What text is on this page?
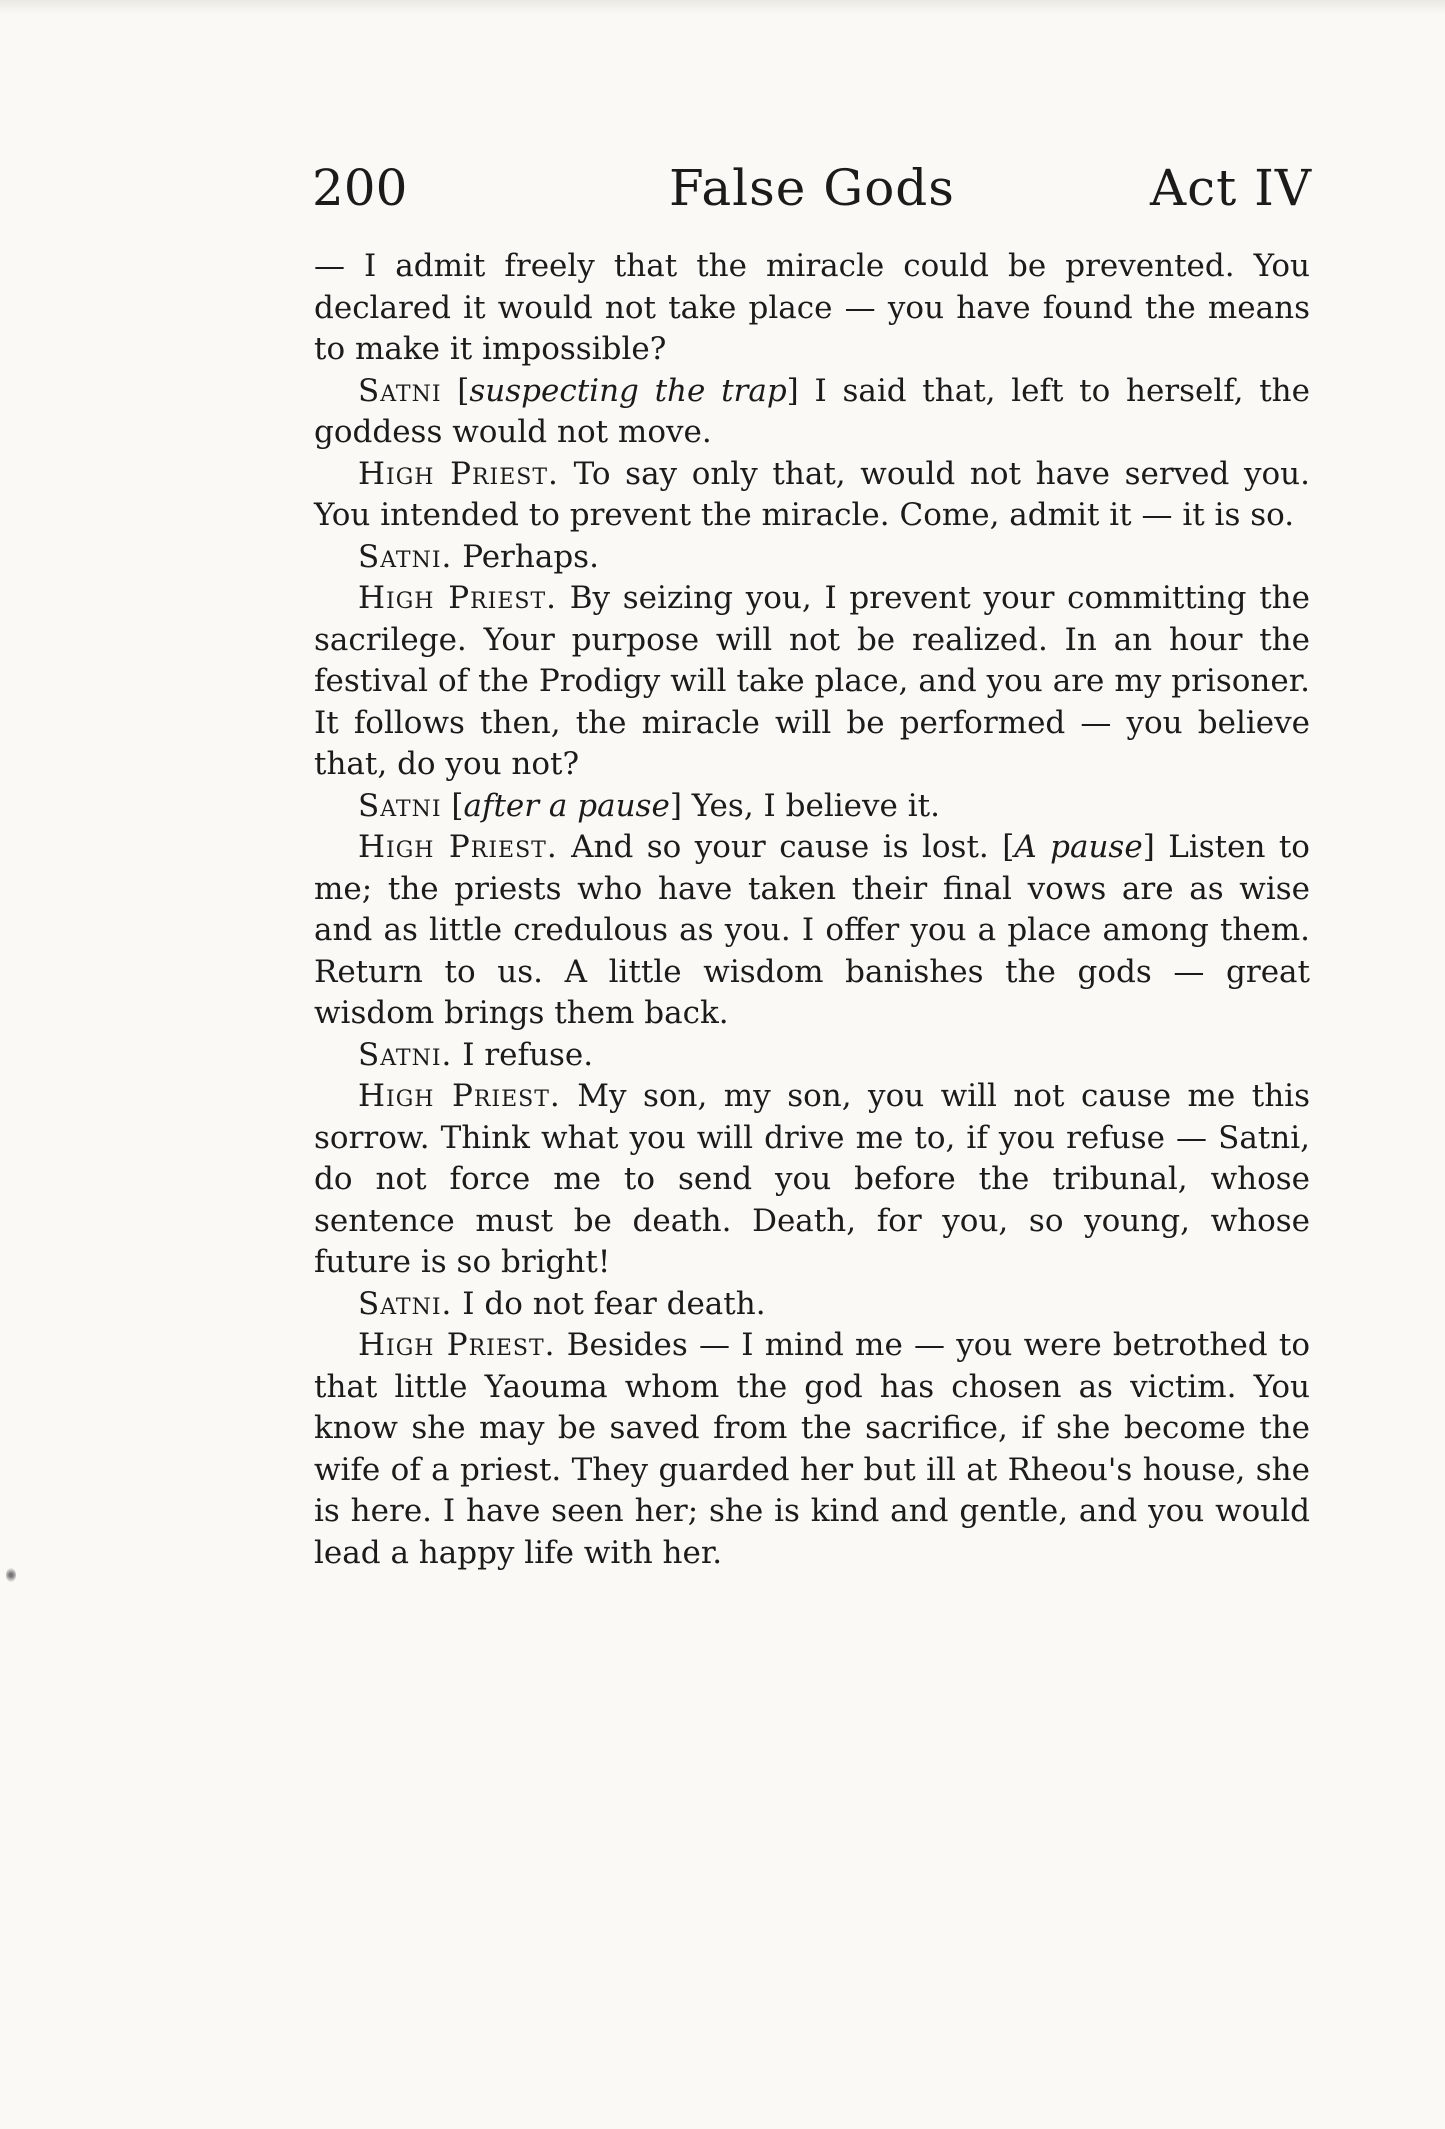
200	False Gods	Act IV

— I admit freely that the miracle could be prevented. You declared it would not take place — you have found the means to make it impossible?

Satni [suspecting the trap] I said that, left to herself, the goddess would not move.

High Priest. To say only that, would not have served you. You intended to prevent the miracle. Come, admit it — it is so.

Satni. Perhaps.

High Priest. By seizing you, I prevent your committing the sacrilege. Your purpose will not be realized. In an hour the festival of the Prodigy will take place, and you are my prisoner. It follows then, the miracle will be performed — you believe that, do you not?

Satni [after a pause] Yes, I believe it.

High Priest. And so your cause is lost. [A pause] Listen to me; the priests who have taken their final vows are as wise and as little credulous as you. I offer you a place among them. Return to us. A little wisdom banishes the gods — great wisdom brings them back.

Satni. I refuse.

High Priest. My son, my son, you will not cause me this sorrow. Think what you will drive me to, if you refuse — Satni, do not force me to send you before the tribunal, whose sentence must be death. Death, for you, so young, whose future is so bright!

Satni. I do not fear death.

High Priest. Besides — I mind me — you were betrothed to that little Yaouma whom the god has chosen as victim. You know she may be saved from the sacrifice, if she become the wife of a priest. They guarded her but ill at Rheou's house, she is here. I have seen her; she is kind and gentle, and you would lead a happy life with her.
